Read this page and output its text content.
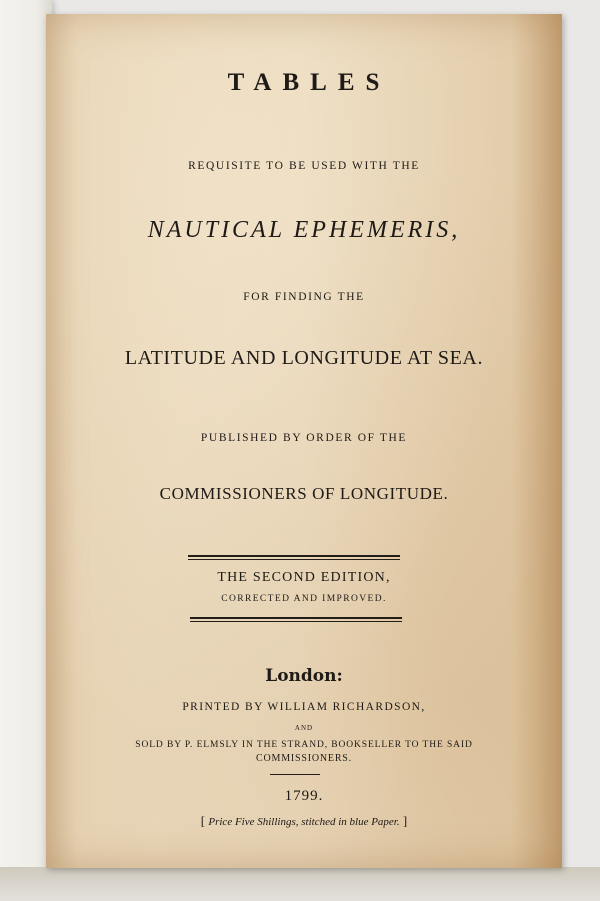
TABLES
REQUISITE TO BE USED WITH THE
NAUTICAL EPHEMERIS,
FOR FINDING THE
LATITUDE AND LONGITUDE AT SEA.
PUBLISHED BY ORDER OF THE
COMMISSIONERS OF LONGITUDE.
THE SECOND EDITION,
CORRECTED AND IMPROVED.
London:
PRINTED BY WILLIAM RICHARDSON,
AND
SOLD BY P. ELMSLY IN THE STRAND, BOOKSELLER TO THE SAID
COMMISSIONERS.
1799.
[ Price Five Shillings, stitched in blue Paper. ]
